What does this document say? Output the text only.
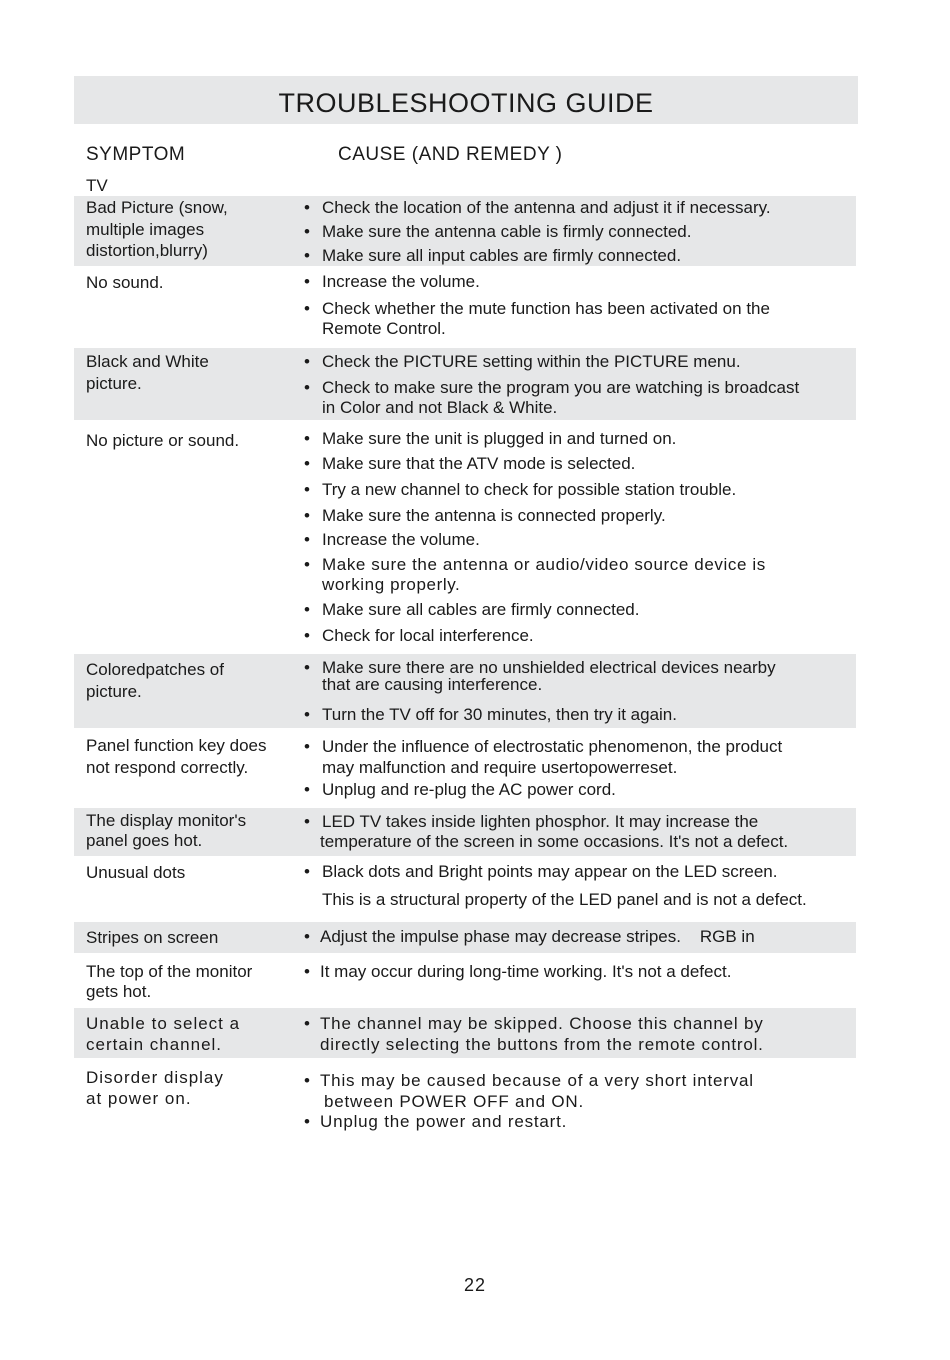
TROUBLESHOOTING GUIDE
SYMPTOM	CAUSE (AND REMEDY )
TV
Bad Picture (snow,
multiple images
distortion,blurry)
• Check the location of the antenna and adjust it if necessary.
• Make sure the antenna cable is firmly connected.
• Make sure all input cables are firmly connected.
No sound.	• Increase the volume.
• Check whether the mute function has been activated on the
Remote Control.
Black and White
picture.
• Check the PICTURE setting within the PICTURE menu.
• Check to make sure the program you are watching is broadcast
in Color and not Black & White.
No picture or sound.	• Make sure the unit is plugged in and turned on.
• Make sure that the ATV mode is selected.
• Try a new channel to check for possible station trouble.
• Make sure the antenna is connected properly.
• Increase the volume.
• Make sure the antenna or audio/video source device is
working properly.
• Make sure all cables are firmly connected.
• Check for local interference.
Coloredpatches of
picture.
• Make sure there are no unshielded electrical devices nearby
that are causing interference.
• Turn the TV off for 30 minutes, then try it again.
Panel function key does
not respond correctly.
• Under the influence of electrostatic phenomenon, the product
may malfunction and require usertopowerreset.
• Unplug and re-plug the AC power cord.
The display monitor's
panel goes hot.
• LED TV takes inside lighten phosphor. It may increase the
temperature of the screen in some occasions. It's not a defect.
Unusual dots	• Black dots and Bright points may appear on the LED screen.
This is a structural property of the LED panel and is not a defect.
Stripes on screen	• Adjust the impulse phase may decrease stripes.    RGB in
The top of the monitor
gets hot.
• It may occur during long-time working. It's not a defect.
Unable to select a
certain channel.
• The channel may be skipped. Choose this channel by
directly selecting the buttons from the remote control.
Disorder display
at power on.
• This may be caused because of a very short interval
between POWER OFF and ON.
• Unplug the power and restart.
22
